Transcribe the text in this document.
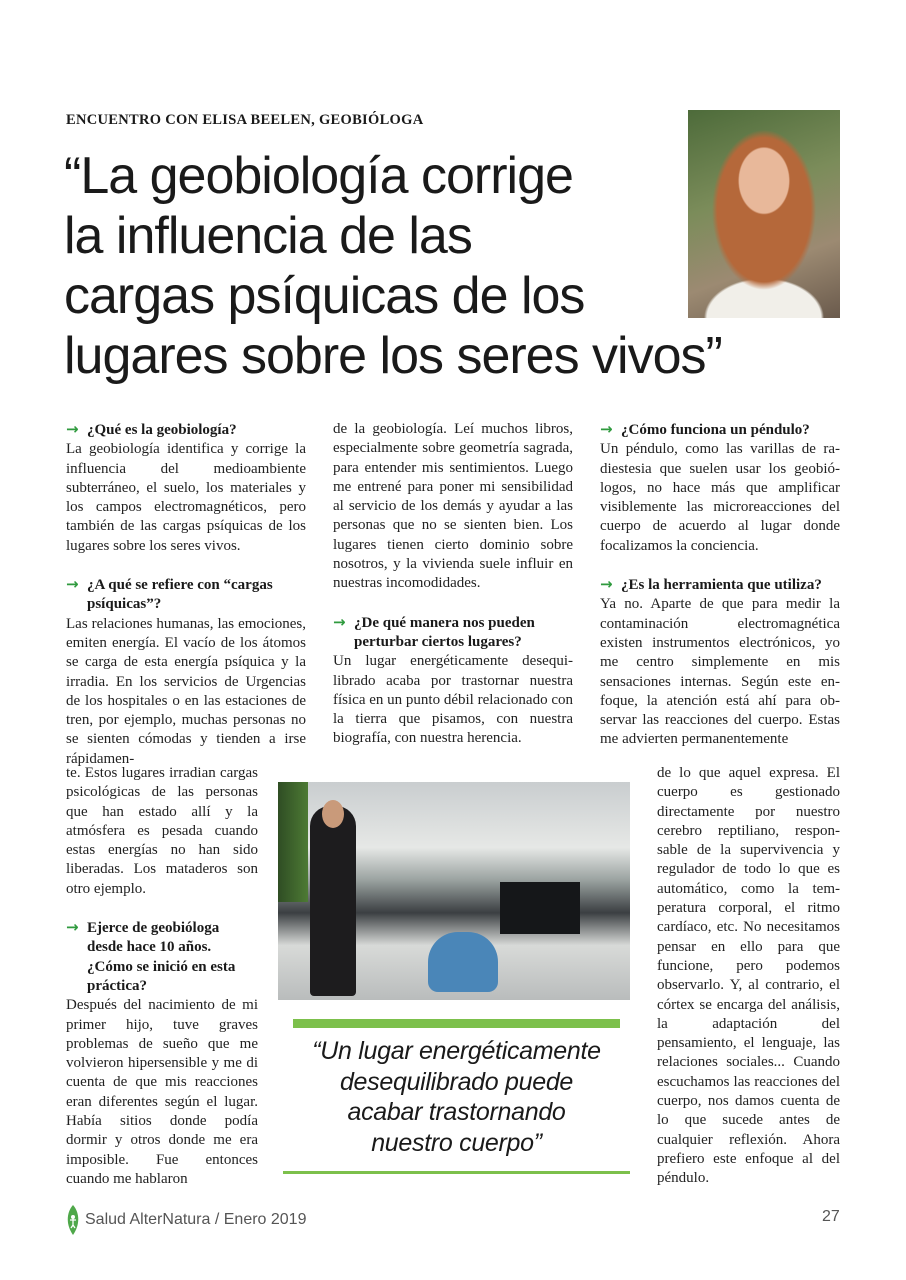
ENCUENTRO CON ELISA BEELEN, GEOBIÓLOGA
“La geobiología corrige
la influencia de las
cargas psíquicas de los
lugares sobre los seres vivos”

→ ¿Qué es la geobiología?

La geobiología identifica y corrige la influencia del medioambiente subterráneo, el suelo, los materiales y los campos electromagnéticos, pero también de las cargas psíquicas de los lugares sobre los seres vivos.

→ ¿A qué se refiere con “cargas psíquicas”?

Las relaciones humanas, las emociones, emiten energía. El vacío de los átomos se carga de esta energía psíquica y la irradia. En los servicios de Urgencias de los hospitales o en las estaciones de tren, por ejemplo, muchas personas no se sienten cómodas y tienden a irse rápidamen-

te. Estos lugares irradian cargas psicológicas de las personas que han estado allí y la atmósfera es pesada cuando estas energías no han sido liberadas. Los mataderos son otro ejemplo.

→ Ejerce de geobióloga desde hace 10 años. ¿Cómo se inició en esta práctica?

Después del nacimiento de mi primer hijo, tuve graves problemas de sueño que me volvieron hipersensible y me di cuenta de que mis reacciones eran diferentes según el lugar. Había sitios donde podía dormir y otros donde me era imposible. Fue entonces cuando me hablaron

de la geobiología. Leí muchos libros, especialmente sobre geometría sagrada, para entender mis sentimientos. Luego me entrené para poner mi sensibilidad al servicio de los demás y ayudar a las personas que no se sienten bien. Los lugares tienen cierto dominio sobre nosotros, y la vivienda suele influir en nuestras incomodidades.

→ ¿De qué manera nos pueden perturbar ciertos lugares?

Un lugar energéticamente desequilibrado acaba por trastornar nuestra física en un punto débil relacionado con la tierra que pisamos, con nuestra biografía, con nuestra herencia.

→ ¿Cómo funciona un péndulo?

Un péndulo, como las varillas de radiestesia que suelen usar los geobiólogos, no hace más que amplificar visiblemente las microreacciones del cuerpo de acuerdo al lugar donde focalizamos la conciencia.

→ ¿Es la herramienta que utiliza?

Ya no. Aparte de que para medir la contaminación electromagnética existen instrumentos electrónicos, yo me centro simplemente en mis sensaciones internas. Según este enfoque, la atención está ahí para observar las reacciones del cuerpo. Estas me advierten permanentemente

de lo que aquel expresa. El cuerpo es gestionado directamente por nuestro cerebro reptiliano, responsable de la supervivencia y regulador de todo lo que es automático, como la temperatura corporal, el ritmo cardíaco, etc. No necesitamos pensar en ello para que funcione, pero podemos observarlo. Y, al contrario, el córtex se encarga del análisis, la adaptación del pensamiento, el lenguaje, las relaciones sociales... Cuando escuchamos las reacciones del cuerpo, nos damos cuenta de lo que sucede antes de cualquier reflexión. Ahora prefiero este enfoque al del péndulo.

“Un lugar energéticamente
desequilibrado puede
acabar trastornando
nuestro cuerpo”
Salud AlterNatura / Enero 2019	27
